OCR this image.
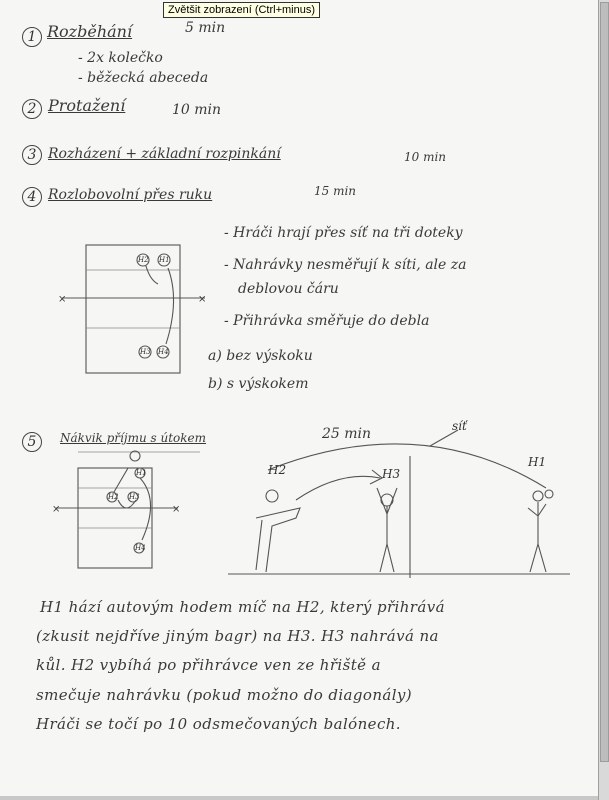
1 Rozběhání	5 min
- 2x kolečko
- běžecká abeceda
2 Protažení	10 min
3 Rozházení + základní rozpinkání	10 min
4 Rozlobovolní přes ruku	15 min
- Hráči hrají přes síť na tři doteky
- Nahrávky nesměřují k síti, ale za
deblovou čáru
- Přihrávka směřuje do debla
a) bez výskoku
b) s výskokem
5	Nákvik příjmu s útokem	25 min
×	×
H2 H1
H3 H4
×	×
H1
H2 H3
H4
H2	H3
H1
síť
H1 hází autovým hodem míč na H2, který přihrává
(zkusit nejdříve jiným bagr) na H3. H3 nahrává na
kůl. H2 vybíhá po přihrávce ven ze hřiště a
smečuje nahrávku (pokud možno do diagonály)
Hráči se točí po 10 odsmečovaných balónech.
Zvětšit zobrazení (Ctrl+minus)
